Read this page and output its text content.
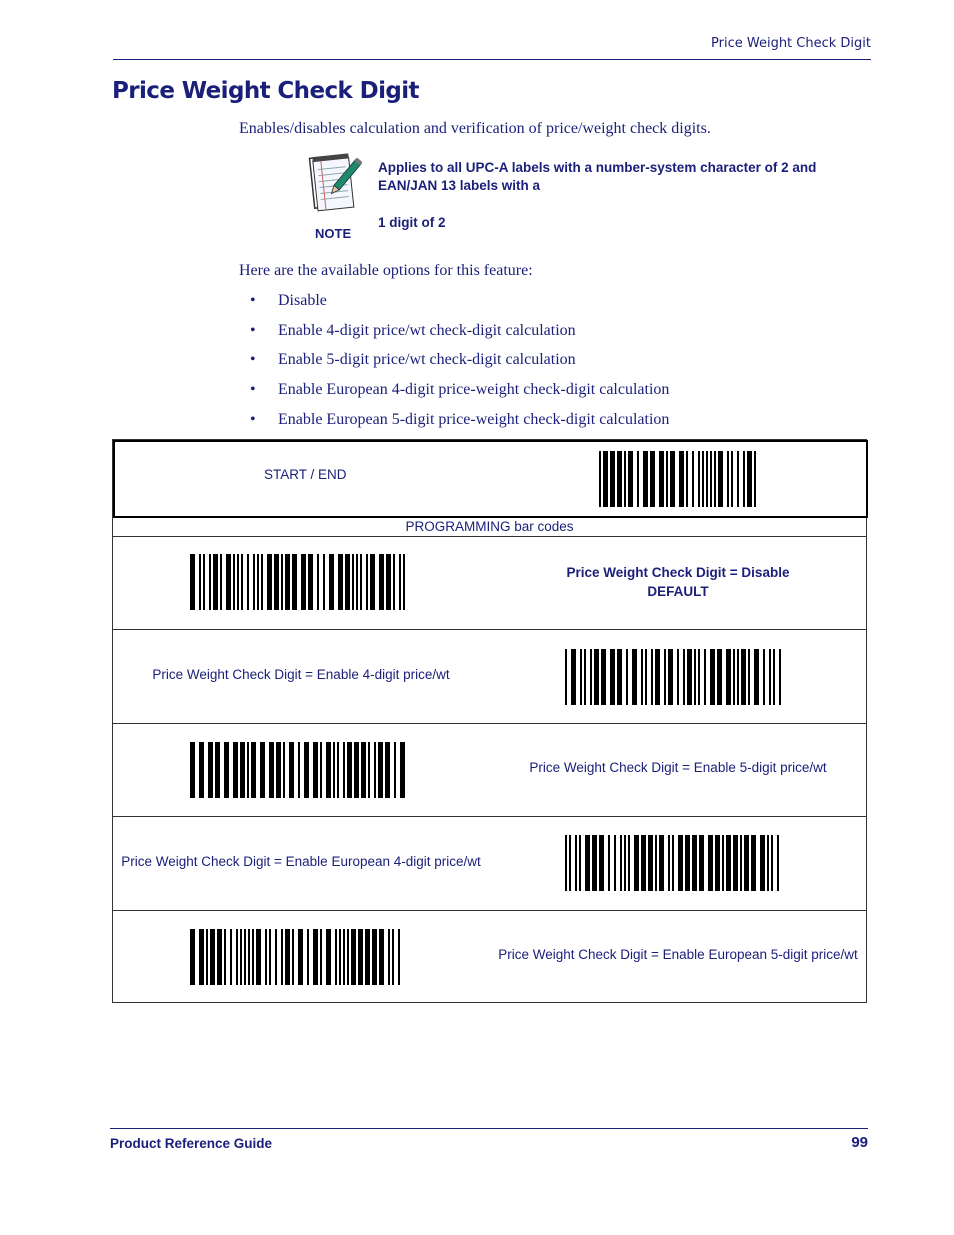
Price Weight Check Digit
Price Weight Check Digit

Enables/disables calculation and verification of price/weight check digits.

NOTE
Applies to all UPC-A labels with a number-system character of 2 and EAN/JAN 13 labels with a
1 digit of 2

Here are the available options for this feature:

• Disable
• Enable 4-digit price/wt check-digit calculation
• Enable 5-digit price/wt check-digit calculation
• Enable European 4-digit price-weight check-digit calculation
• Enable European 5-digit price-weight check-digit calculation
START / END
PROGRAMMING bar codes
Price Weight Check Digit = Disable
DEFAULT
Price Weight Check Digit = Enable 4-digit price/wt
Price Weight Check Digit = Enable 5-digit price/wt
Price Weight Check Digit = Enable European 4-digit price/wt
Price Weight Check Digit = Enable European 5-digit price/wt
Product Reference Guide	99
